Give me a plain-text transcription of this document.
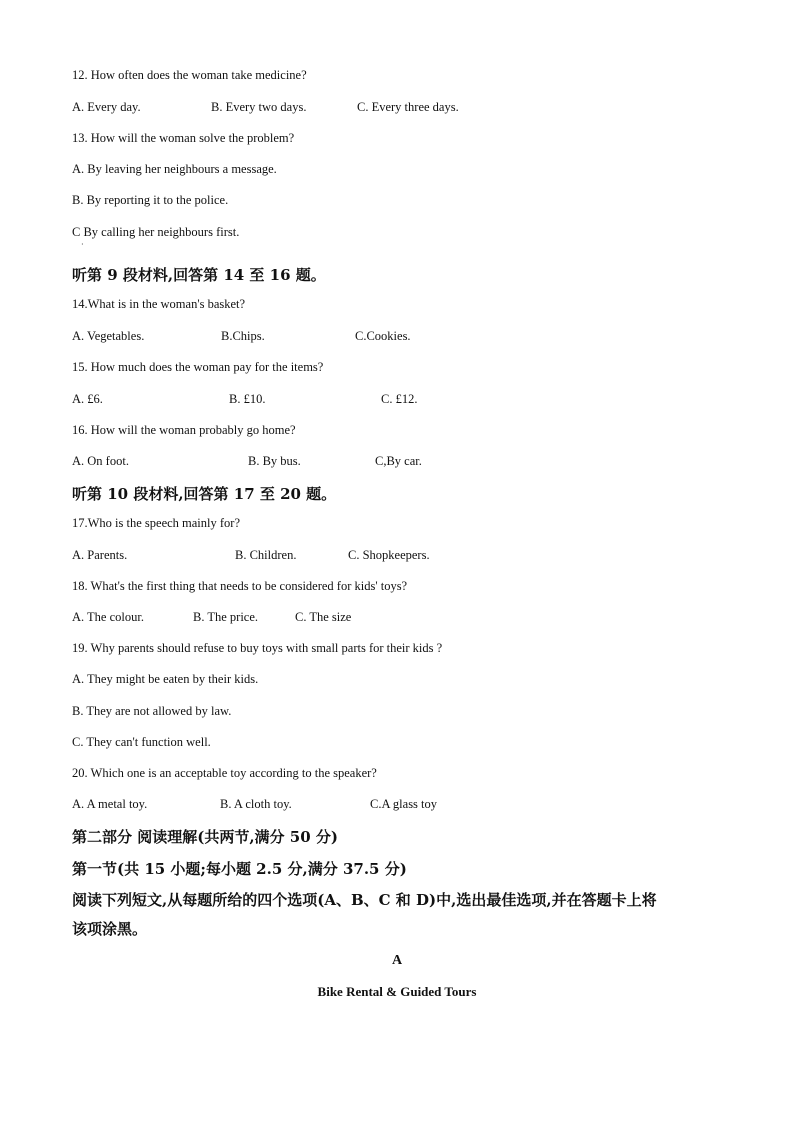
12. How often does the woman take medicine?
A. Every day.	B. Every two days.	C. Every three days.
13. How will the woman solve the problem?
A. By leaving her neighbours a message.
B. By reporting it to the police.
C By calling her neighbours first.
·
听第 9 段材料,回答第 14 至 16 题。
14.What is in the woman's basket?
A. Vegetables.	B.Chips.	C.Cookies.
15. How much does the woman pay for the items?
A. £6.	B. £10.	C. £12.
16. How will the woman probably go home?
A. On foot.	B. By bus.	C,By car.
听第 10 段材料,回答第 17 至 20 题。
17.Who is the speech mainly for?
A. Parents.	B. Children.	C. Shopkeepers.
18. What's the first thing that needs to be considered for kids' toys?
A. The colour.	B. The price.	C. The size
19. Why parents should refuse to buy toys with small parts for their kids ?
A. They might be eaten by their kids.
B. They are not allowed by law.
C. They can't function well.
20. Which one is an acceptable toy according to the speaker?
A. A metal toy.	B. A cloth toy.	C.A glass toy
第二部分 阅读理解(共两节,满分 50 分)
第一节(共 15 小题;每小题 2.5 分,满分 37.5 分)
阅读下列短文,从每题所给的四个选项(A、B、C 和 D)中,选出最佳选项,并在答题卡上将
该项涂黑。
A
Bike Rental & Guided Tours
